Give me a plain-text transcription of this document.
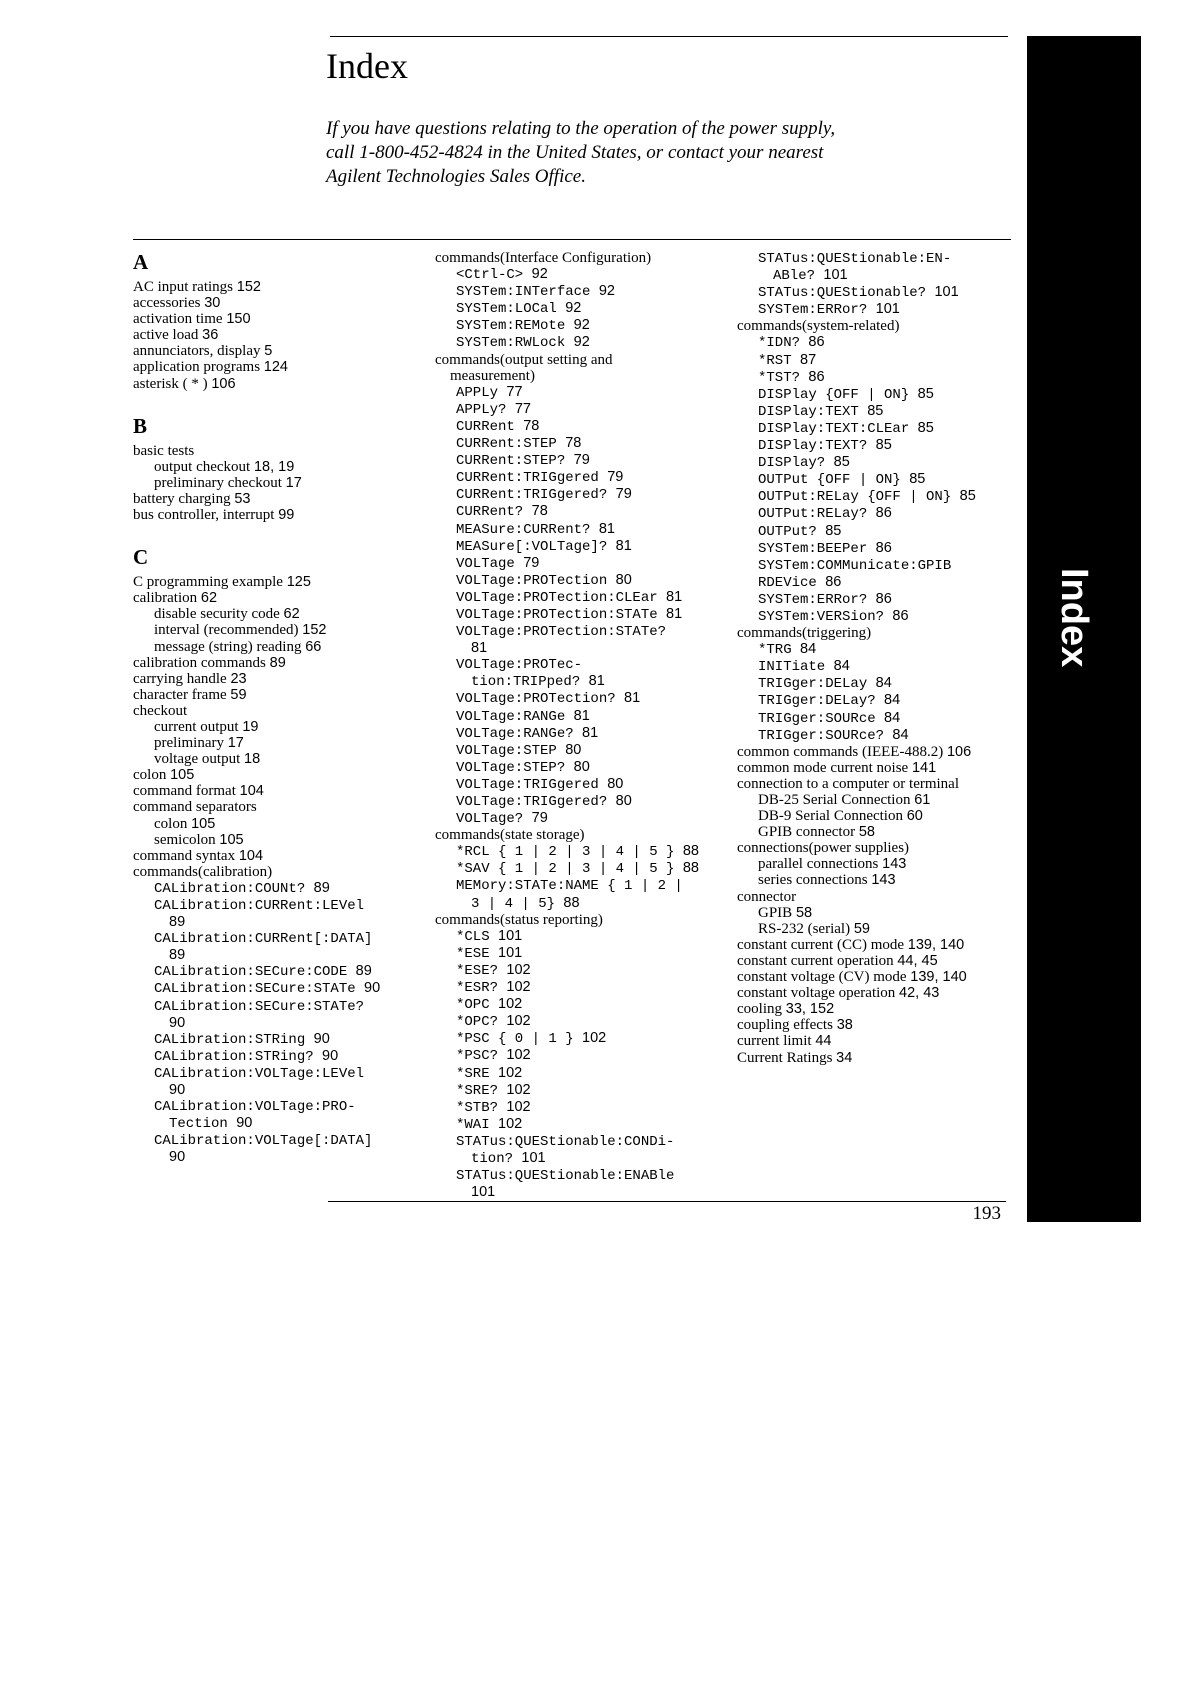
Index
If you have questions relating to the operation of the power supply,
call 1-800-452-4824 in the United States, or contact your nearest
Agilent Technologies Sales Office.
A
AC input ratings 152
accessories 30
activation time 150
active load 36
annunciators, display 5
application programs 124
asterisk ( * ) 106
B
basic tests
output checkout 18, 19
preliminary checkout 17
battery charging 53
bus controller, interrupt 99
C
C programming example 125
calibration 62
disable security code 62
interval (recommended) 152
message (string) reading 66
calibration commands 89
carrying handle 23
character frame 59
checkout
current output 19
preliminary 17
voltage output 18
colon 105
command format 104
command separators
colon 105
semicolon 105
command syntax 104
commands(calibration)
CALibration:COUNt? 89
CALibration:CURRent:LEVel
89
CALibration:CURRent[:DATA]
89
CALibration:SECure:CODE 89
CALibration:SECure:STATe 90
CALibration:SECure:STATe?
90
CALibration:STRing 90
CALibration:STRing? 90
CALibration:VOLTage:LEVel
90
CALibration:VOLTage:PRO-
Tection 90
CALibration:VOLTage[:DATA]
90
commands(Interface Configuration)
<Ctrl-C> 92
SYSTem:INTerface 92
SYSTem:LOCal 92
SYSTem:REMote 92
SYSTem:RWLock 92
commands(output setting and
measurement)
APPLy 77
APPLy? 77
CURRent 78
CURRent:STEP 78
CURRent:STEP? 79
CURRent:TRIGgered 79
CURRent:TRIGgered? 79
CURRent? 78
MEASure:CURRent? 81
MEASure[:VOLTage]? 81
VOLTage 79
VOLTage:PROTection 80
VOLTage:PROTection:CLEar 81
VOLTage:PROTection:STATe 81
VOLTage:PROTection:STATe?
81
VOLTage:PROTec-
tion:TRIPped? 81
VOLTage:PROTection? 81
VOLTage:RANGe 81
VOLTage:RANGe? 81
VOLTage:STEP 80
VOLTage:STEP? 80
VOLTage:TRIGgered 80
VOLTage:TRIGgered? 80
VOLTage? 79
commands(state storage)
*RCL { 1 | 2 | 3 | 4 | 5 } 88
*SAV { 1 | 2 | 3 | 4 | 5 } 88
MEMory:STATe:NAME { 1 | 2 |
3 | 4 | 5} 88
commands(status reporting)
*CLS 101
*ESE 101
*ESE? 102
*ESR? 102
*OPC 102
*OPC? 102
*PSC { 0 | 1 } 102
*PSC? 102
*SRE 102
*SRE? 102
*STB? 102
*WAI 102
STATus:QUEStionable:CONDi-
tion? 101
STATus:QUEStionable:ENABle
101
STATus:QUEStionable:EN-
ABle? 101
STATus:QUEStionable? 101
SYSTem:ERRor? 101
commands(system-related)
*IDN? 86
*RST 87
*TST? 86
DISPlay {OFF | ON} 85
DISPlay:TEXT 85
DISPlay:TEXT:CLEar 85
DISPlay:TEXT? 85
DISPlay? 85
OUTPut {OFF | ON} 85
OUTPut:RELay {OFF | ON} 85
OUTPut:RELay? 86
OUTPut? 85
SYSTem:BEEPer 86
SYSTem:COMMunicate:GPIB
RDEVice 86
SYSTem:ERRor? 86
SYSTem:VERSion? 86
commands(triggering)
*TRG 84
INITiate 84
TRIGger:DELay 84
TRIGger:DELay? 84
TRIGger:SOURce 84
TRIGger:SOURce? 84
common commands (IEEE-488.2) 106
common mode current noise 141
connection to a computer or terminal
DB-25 Serial Connection 61
DB-9 Serial Connection 60
GPIB connector 58
connections(power supplies)
parallel connections 143
series connections 143
connector
GPIB 58
RS-232 (serial) 59
constant current (CC) mode 139, 140
constant current operation 44, 45
constant voltage (CV) mode 139, 140
constant voltage operation 42, 43
cooling 33, 152
coupling effects 38
current limit 44
Current Ratings 34
193
Index
